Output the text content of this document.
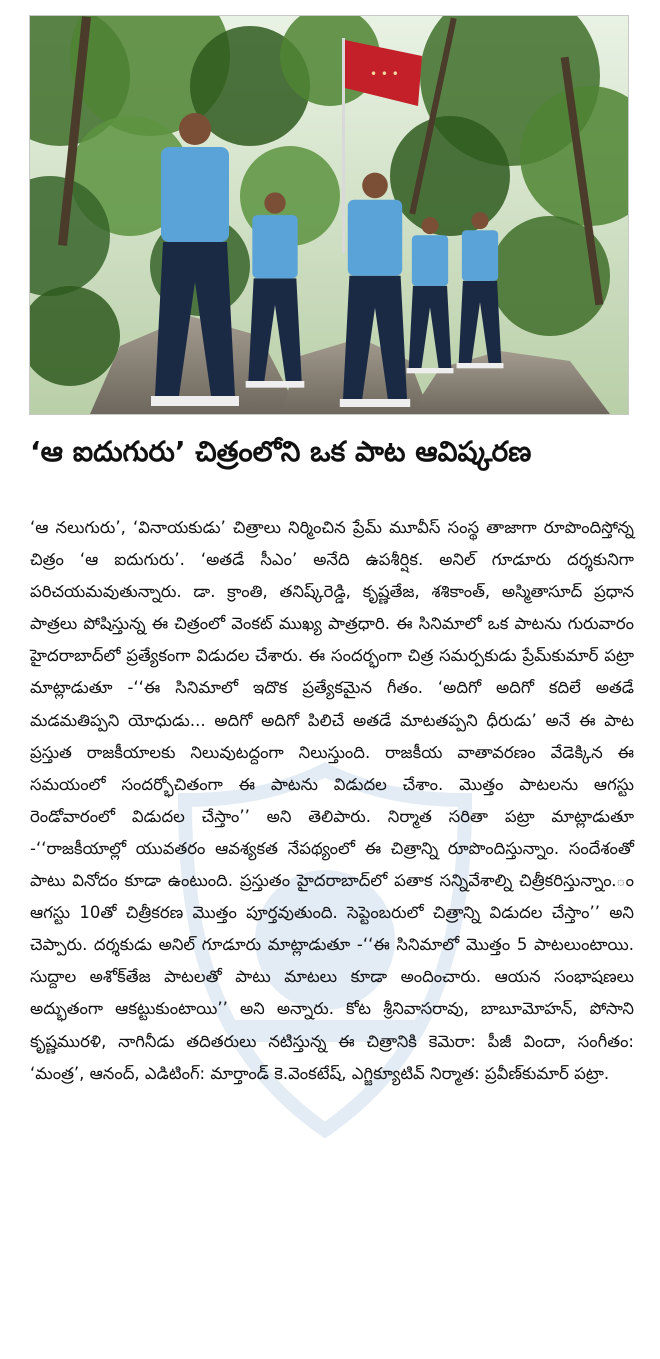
• • •
‘ఆ ఐదుగురు’ చిత్రంలోని ఒక పాట ఆవిష్కరణ

‘ఆ నలుగురు’, ‘వినాయకుడు’ చిత్రాలు నిర్మించిన ప్రేమ్ మూవీస్ సంస్థ తాజాగా రూపొందిస్తోన్న చిత్రం ‘ఆ ఐదుగురు’. ‘అతడే సీఎం’ అనేది ఉపశీర్షిక. అనిల్ గూడూరు దర్శకునిగా పరిచయమవుతున్నారు. డా. క్రాంతి, తనిష్క్‌రెడ్డి, కృష్ణతేజ, శశికాంత్, అస్మితాసూద్ ప్రధాన పాత్రలు పోషిస్తున్న ఈ చిత్రంలో వెంకట్ ముఖ్య పాత్రధారి. ఈ సినిమాలో ఒక పాటను గురువారం హైదరాబాద్‌లో ప్రత్యేకంగా విడుదల చేశారు. ఈ సందర్భంగా చిత్ర సమర్పకుడు ప్రేమ్‌కుమార్ పట్రా మాట్లాడుతూ -‘‘ఈ సినిమాలో ఇదొక ప్రత్యేకమైన గీతం. ‘అదిగో అదిగో కదిలే అతడే మడమతిప్పని యోధుడు... అదిగో అదిగో పిలిచే అతడే మాటతప్పని ధీరుడు’ అనే ఈ పాట ప్రస్తుత రాజకీయాలకు నిలువుటద్దంగా నిలుస్తుంది. రాజకీయ వాతావరణం వేడెక్కిన ఈ సమయంలో సందర్భోచితంగా ఈ పాటను విడుదల చేశాం. మొత్తం పాటలను ఆగస్టు రెండోవారంలో విడుదల చేస్తాం’’ అని తెలిపారు. నిర్మాత సరితా పట్రా మాట్లాడుతూ -‘‘రాజకీయాల్లో యువతరం ఆవశ్యకత నేపథ్యంలో ఈ చిత్రాన్ని రూపొందిస్తున్నాం. సందేశంతో పాటు వినోదం కూడా ఉంటుంది. ప్రస్తుతం హైదరాబాద్‌లో పతాక సన్నివేశాల్ని చిత్రీకరిస్తున్నాం.ం ఆగస్టు 10తో చిత్రీకరణ మొత్తం పూర్తవుతుంది. సెప్టెంబరులో చిత్రాన్ని విడుదల చేస్తాం’’ అని చెప్పారు. దర్శకుడు అనిల్ గూడూరు మాట్లాడుతూ -‘‘ఈ సినిమాలో మొత్తం 5 పాటలుంటాయి. సుద్దాల అశోక్‌తేజ పాటలతో పాటు మాటలు కూడా అందించారు. ఆయన సంభాషణలు అద్భుతంగా ఆకట్టుకుంటాయి’’ అని అన్నారు. కోట శ్రీనివాసరావు, బాబూమోహన్, పోసాని కృష్ణమురళి, నాగినీడు తదితరులు నటిస్తున్న ఈ చిత్రానికి కెమెరా: పీజీ విందా, సంగీతం: ‘మంత్ర’, ఆనంద్, ఎడిటింగ్: మార్తాండ్ కె.వెంకటేష్, ఎగ్జిక్యూటివ్ నిర్మాత: ప్రవీణ్‌కుమార్ పట్రా.
